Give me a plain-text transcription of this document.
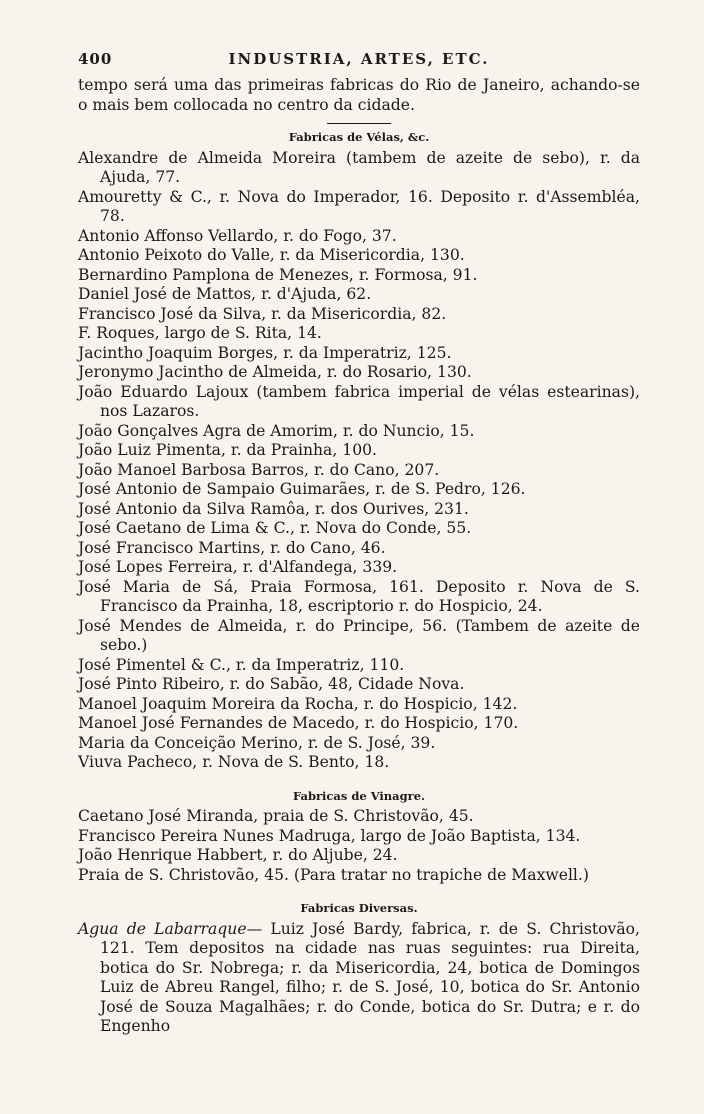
400	INDUSTRIA, ARTES, ETC.

tempo será uma das primeiras fabricas do Rio de Janeiro, achando-se o mais bem collocada no centro da cidade.

Fabricas de Vélas, &c.

Alexandre de Almeida Moreira (tambem de azeite de sebo), r. da Ajuda, 77.

Amouretty & C., r. Nova do Imperador, 16. Deposito r. d'Assembléa, 78.

Antonio Affonso Vellardo, r. do Fogo, 37.

Antonio Peixoto do Valle, r. da Misericordia, 130.

Bernardino Pamplona de Menezes, r. Formosa, 91.

Daniel José de Mattos, r. d'Ajuda, 62.

Francisco José da Silva, r. da Misericordia, 82.

F. Roques, largo de S. Rita, 14.

Jacintho Joaquim Borges, r. da Imperatriz, 125.

Jeronymo Jacintho de Almeida, r. do Rosario, 130.

João Eduardo Lajoux (tambem fabrica imperial de vélas estearinas), nos Lazaros.

João Gonçalves Agra de Amorim, r. do Nuncio, 15.

João Luiz Pimenta, r. da Prainha, 100.

João Manoel Barbosa Barros, r. do Cano, 207.

José Antonio de Sampaio Guimarães, r. de S. Pedro, 126.

José Antonio da Silva Ramôa, r. dos Ourives, 231.

José Caetano de Lima & C., r. Nova do Conde, 55.

José Francisco Martins, r. do Cano, 46.

José Lopes Ferreira, r. d'Alfandega, 339.

José Maria de Sá, Praia Formosa, 161. Deposito r. Nova de S. Francisco da Prainha, 18, escriptorio r. do Hospicio, 24.

José Mendes de Almeida, r. do Principe, 56. (Tambem de azeite de sebo.)

José Pimentel & C., r. da Imperatriz, 110.

José Pinto Ribeiro, r. do Sabão, 48, Cidade Nova.

Manoel Joaquim Moreira da Rocha, r. do Hospicio, 142.

Manoel José Fernandes de Macedo, r. do Hospicio, 170.

Maria da Conceição Merino, r. de S. José, 39.

Viuva Pacheco, r. Nova de S. Bento, 18.

Fabricas de Vinagre.

Caetano José Miranda, praia de S. Christovão, 45.

Francisco Pereira Nunes Madruga, largo de João Baptista, 134.

João Henrique Habbert, r. do Aljube, 24.

Praia de S. Christovão, 45. (Para tratar no trapiche de Maxwell.)

Fabricas Diversas.

Agua de Labarraque— Luiz José Bardy, fabrica, r. de S. Christovão, 121. Tem depositos na cidade nas ruas seguintes: rua Direita, botica do Sr. Nobrega; r. da Misericordia, 24, botica de Domingos Luiz de Abreu Rangel, filho; r. de S. José, 10, botica do Sr. Antonio José de Souza Magalhães; r. do Conde, botica do Sr. Dutra; e r. do Engenho
